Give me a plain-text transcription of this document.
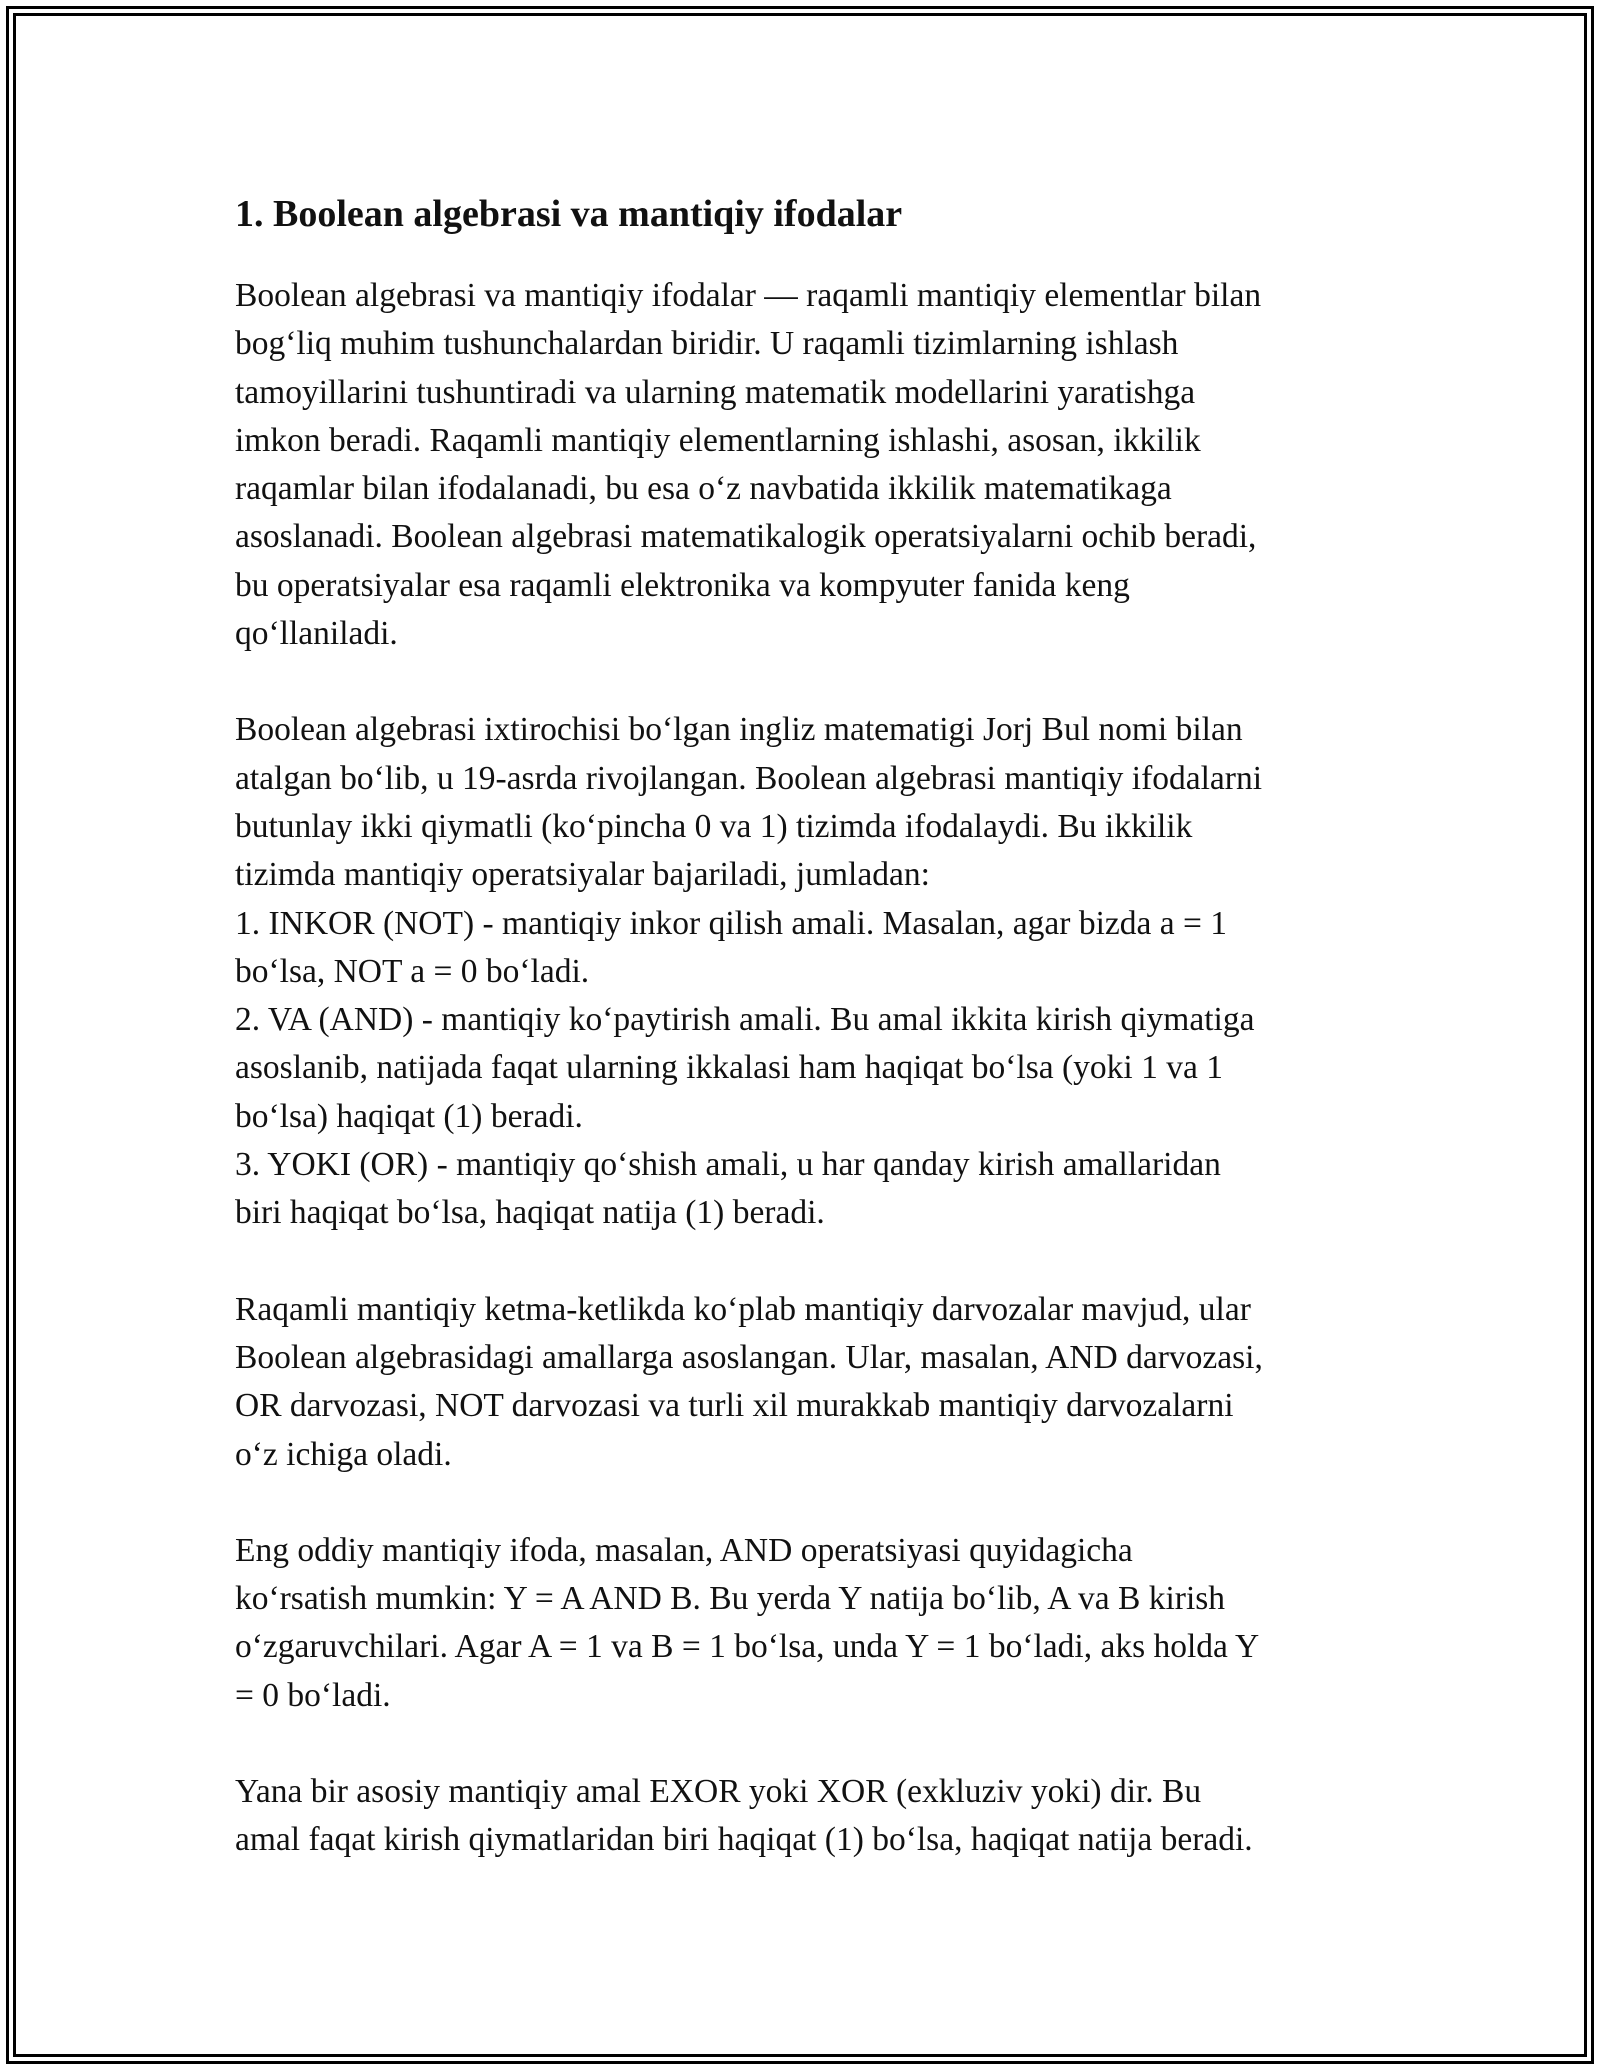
1. Boolean algebrasi va mantiqiy ifodalar

Boolean algebrasi va mantiqiy ifodalar — raqamli mantiqiy elementlar bilan
bog‘liq muhim tushunchalardan biridir. U raqamli tizimlarning ishlash
tamoyillarini tushuntiradi va ularning matematik modellarini yaratishga
imkon beradi. Raqamli mantiqiy elementlarning ishlashi, asosan, ikkilik
raqamlar bilan ifodalanadi, bu esa o‘z navbatida ikkilik matematikaga
asoslanadi. Boolean algebrasi matematikalogik operatsiyalarni ochib beradi,
bu operatsiyalar esa raqamli elektronika va kompyuter fanida keng
qo‘llaniladi.

Boolean algebrasi ixtirochisi bo‘lgan ingliz matematigi Jorj Bul nomi bilan
atalgan bo‘lib, u 19-asrda rivojlangan. Boolean algebrasi mantiqiy ifodalarni
butunlay ikki qiymatli (ko‘pincha 0 va 1) tizimda ifodalaydi. Bu ikkilik
tizimda mantiqiy operatsiyalar bajariladi, jumladan:
1. INKOR (NOT) - mantiqiy inkor qilish amali. Masalan, agar bizda a = 1
bo‘lsa, NOT a = 0 bo‘ladi.
2. VA (AND) - mantiqiy ko‘paytirish amali. Bu amal ikkita kirish qiymatiga
asoslanib, natijada faqat ularning ikkalasi ham haqiqat bo‘lsa (yoki 1 va 1
bo‘lsa) haqiqat (1) beradi.
3. YOKI (OR) - mantiqiy qo‘shish amali, u har qanday kirish amallaridan
biri haqiqat bo‘lsa, haqiqat natija (1) beradi.

Raqamli mantiqiy ketma-ketlikda ko‘plab mantiqiy darvozalar mavjud, ular
Boolean algebrasidagi amallarga asoslangan. Ular, masalan, AND darvozasi,
OR darvozasi, NOT darvozasi va turli xil murakkab mantiqiy darvozalarni
o‘z ichiga oladi.

Eng oddiy mantiqiy ifoda, masalan, AND operatsiyasi quyidagicha
ko‘rsatish mumkin: Y = A AND B. Bu yerda Y natija bo‘lib, A va B kirish
o‘zgaruvchilari. Agar A = 1 va B = 1 bo‘lsa, unda Y = 1 bo‘ladi, aks holda Y
= 0 bo‘ladi.

Yana bir asosiy mantiqiy amal EXOR yoki XOR (exkluziv yoki) dir. Bu
amal faqat kirish qiymatlaridan biri haqiqat (1) bo‘lsa, haqiqat natija beradi.
